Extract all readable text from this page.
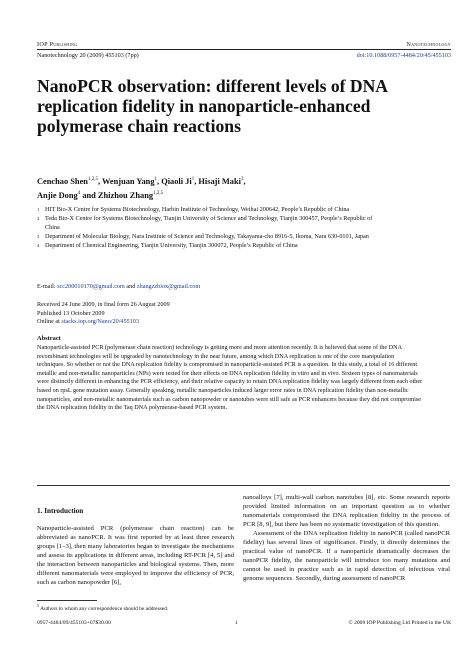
IOP Publishing	Nanotechnology
Nanotechnology 20 (2009) 455103 (7pp)	doi:10.1088/0957-4484/20/45/455103
NanoPCR observation: different levels of DNA replication fidelity in nanoparticle-enhanced polymerase chain reactions
Cenchao Shen$^{1,2,5}$, Wenjuan Yang$^1$, Qiaoli Ji$^1$, Hisaji Maki$^3$,
Anjie Dong$^4$ and Zhizhou Zhang$^{1,2,5}$
1 HIT Bio-X Centre for Systems Biotechnology, Harbin Institute of Technology, Weihai 200642, People’s Republic of China
2 Teda Bio-X Centre for Systems Biotechnology, Tianjin University of Science and Technology, Tianjin 300457, People’s Republic of China
3 Department of Molecular Biology, Nara Institute of Science and Technology, Takayama-cho 8916-5, Ikoma, Nara 630-0101, Japan
4 Department of Chemical Engineering, Tianjin University, Tianjin 300072, People’s Republic of China
E-mail: scc200010170@gmail.com and zhangzzbiox@gmail.com
Received 24 June 2009, in final form 26 August 2009
Published 13 October 2009
Online at stacks.iop.org/Nano/20/455103
Abstract

Nanoparticle-assisted PCR (polymerase chain reaction) technology is getting more and more attention recently. It is believed that some of the DNA recombinant technologies will be upgraded by nanotechnology in the near future, among which DNA replication is one of the core manipulation techniques. So whether or not the DNA replication fidelity is compromised in nanoparticle-assisted PCR is a question. In this study, a total of 16 different metallic and non-metallic nanoparticles (NPs) were tested for their effects on DNA replication fidelity in vitro and in vivo. Sixteen types of nanomaterials were distinctly different in enhancing the PCR efficiency, and their relative capacity to retain DNA replication fidelity was largely different from each other based on rpsL gene mutation assay. Generally speaking, metallic nanoparticles induced larger error rates in DNA replication fidelity than non-metallic nanoparticles, and non-metallic nanomaterials such as carbon nanopowder or nanotubes were still safe as PCR enhancers because they did not compromise the DNA replication fidelity in the Taq DNA polymerase-based PCR system.

1. Introduction

Nanoparticle-assisted PCR (polymerase chain reaction) can be abbreviated as nanoPCR. It was first reported by at least three research groups [1–3], then many laboratories began to investigate the mechanisms and assess its applications in different areas, including RT-PCR [4, 5] and the interaction between nanoparticles and biological systems. Then, more different nanomaterials were employed to improve the efficiency of PCR, such as carbon nanopowder [6],

nanoalloys [7], multi-wall carbon nanotubes [8], etc. Some research reports provided limited information on an important question as to whether nanomaterials compromised the DNA replication fidelity in the process of PCR [8, 9], but there has been no systematic investigation of this question.

Assessment of the DNA replication fidelity in nanoPCR (called nanoPCR fidelity) has several lines of significance. Firstly, it directly determines the practical value of nanoPCR. If a nanoparticle dramatically decreases the nanoPCR fidelity, the nanoparticle will introduce too many mutations and cannot be used in practice such as in rapid detection of infectious viral genome sequences. Secondly, during assessment of nanoPCR

$^5$ Authors to whom any correspondence should be addressed.
0957-4484/09/455103+07$30.00	1	© 2009 IOP Publishing Ltd Printed in the UK
